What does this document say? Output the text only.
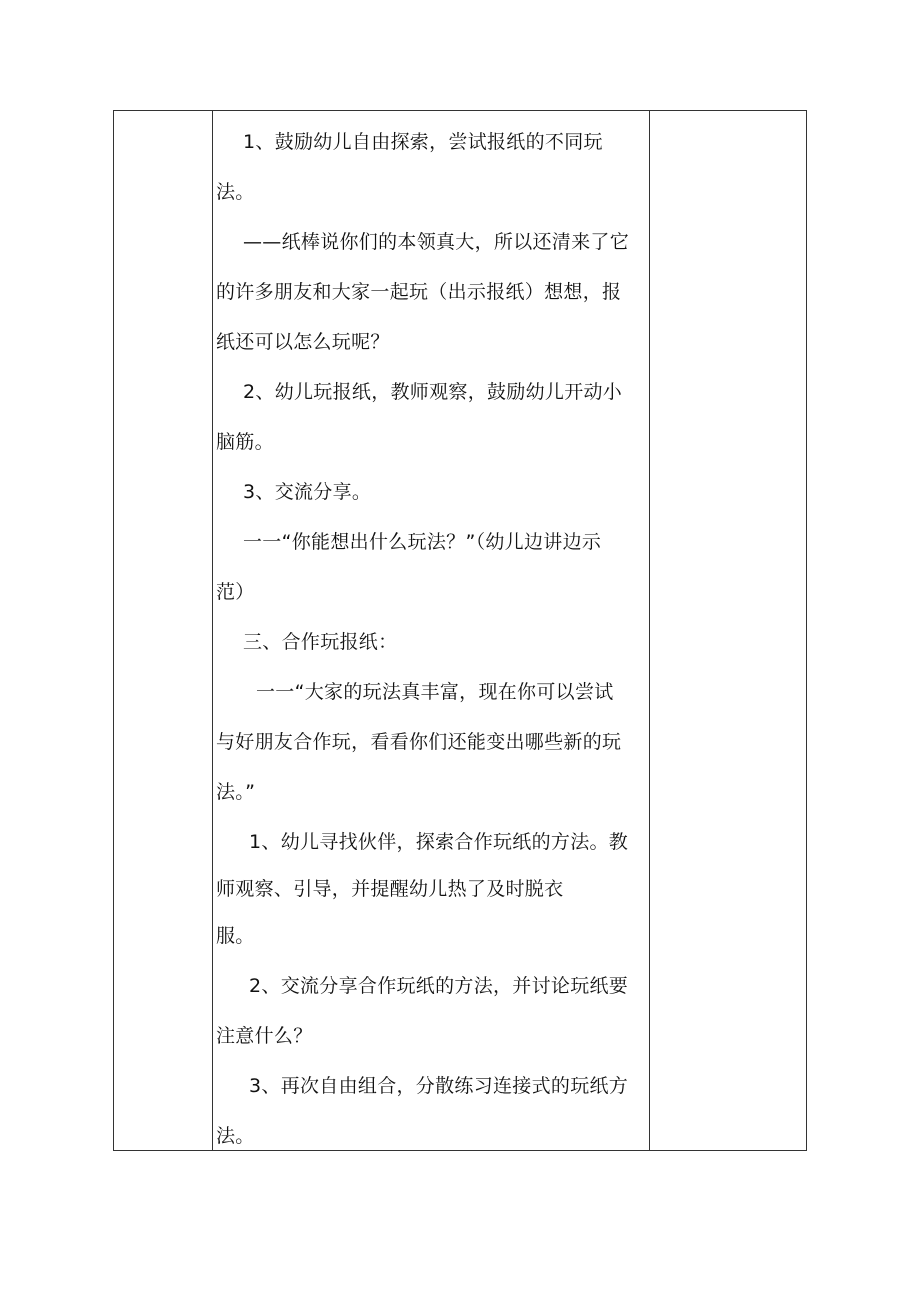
1、鼓励幼儿自由探索，尝试报纸的不同玩
法。
——纸棒说你们的本领真大，所以还清来了它
的许多朋友和大家一起玩（出示报纸）想想，报
纸还可以怎么玩呢？
2、幼儿玩报纸，教师观察，鼓励幼儿开动小
脑筋。
3、交流分享。
一一“你能想出什么玩法？”（幼儿边讲边示
范）
三、合作玩报纸：
一一“大家的玩法真丰富，现在你可以尝试
与好朋友合作玩，看看你们还能变出哪些新的玩
法。”
1、幼儿寻找伙伴，探索合作玩纸的方法。教
师观察、引导，并提醒幼儿热了及时脱衣
服。
2、交流分享合作玩纸的方法，并讨论玩纸要
注意什么？
3、再次自由组合，分散练习连接式的玩纸方
法。
